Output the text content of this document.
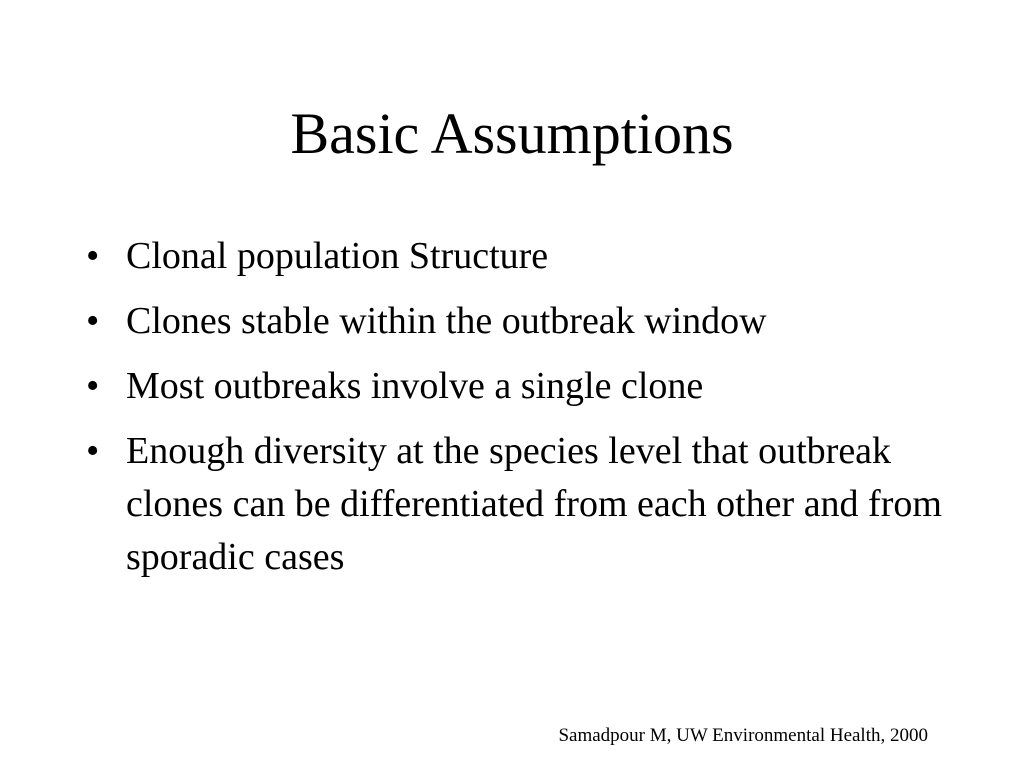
Basic Assumptions
• Clonal population Structure
• Clones stable within the outbreak window
• Most outbreaks involve a single clone
• Enough diversity at the species level that outbreak clones can be differentiated from each other and from sporadic cases
Samadpour M, UW Environmental Health, 2000
